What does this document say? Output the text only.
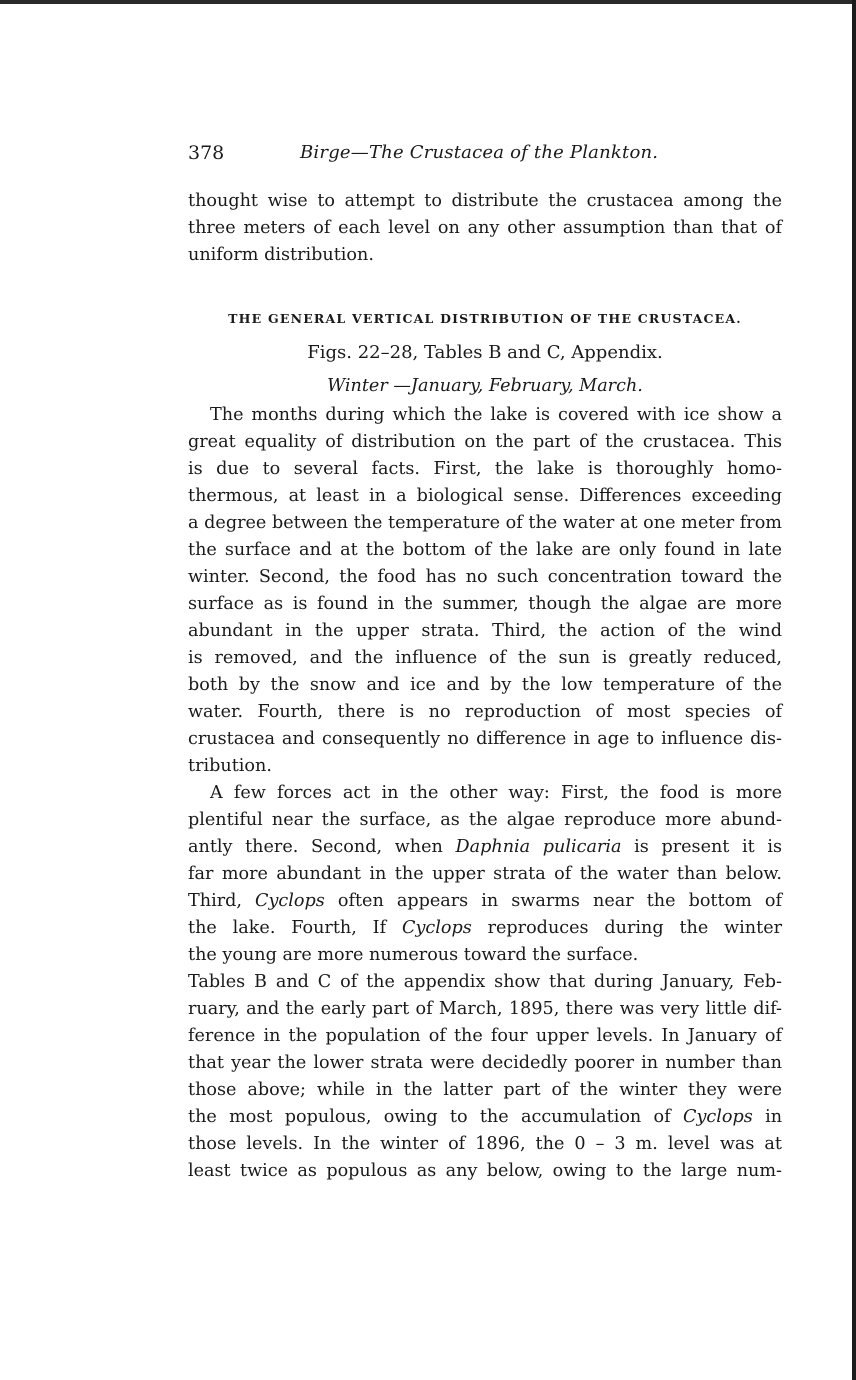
378	Birge—The Crustacea of the Plankton.
thought wise to attempt to distribute the crustacea among the
three meters of each level on any other assumption than that of
uniform distribution.
THE GENERAL VERTICAL DISTRIBUTION OF THE CRUSTACEA.
Figs. 22–28, Tables B and C, Appendix.
Winter —January, February, March.
The months during which the lake is covered with ice show a
great equality of distribution on the part of the crustacea. This
is due to several facts. First, the lake is thoroughly homo-
thermous, at least in a biological sense. Differences exceeding
a degree between the temperature of the water at one meter from
the surface and at the bottom of the lake are only found in late
winter. Second, the food has no such concentration toward the
surface as is found in the summer, though the algae are more
abundant in the upper strata. Third, the action of the wind
is removed, and the influence of the sun is greatly reduced,
both by the snow and ice and by the low temperature of the
water. Fourth, there is no reproduction of most species of
crustacea and consequently no difference in age to influence dis-
tribution.
A few forces act in the other way: First, the food is more
plentiful near the surface, as the algae reproduce more abund-
antly there. Second, when Daphnia pulicaria is present it is
far more abundant in the upper strata of the water than below.
Third, Cyclops often appears in swarms near the bottom of
the lake. Fourth, If Cyclops reproduces during the winter
the young are more numerous toward the surface.
Tables B and C of the appendix show that during January, Feb-
ruary, and the early part of March, 1895, there was very little dif-
ference in the population of the four upper levels. In January of
that year the lower strata were decidedly poorer in number than
those above; while in the latter part of the winter they were
the most populous, owing to the accumulation of Cyclops in
those levels. In the winter of 1896, the 0 – 3 m. level was at
least twice as populous as any below, owing to the large num-
